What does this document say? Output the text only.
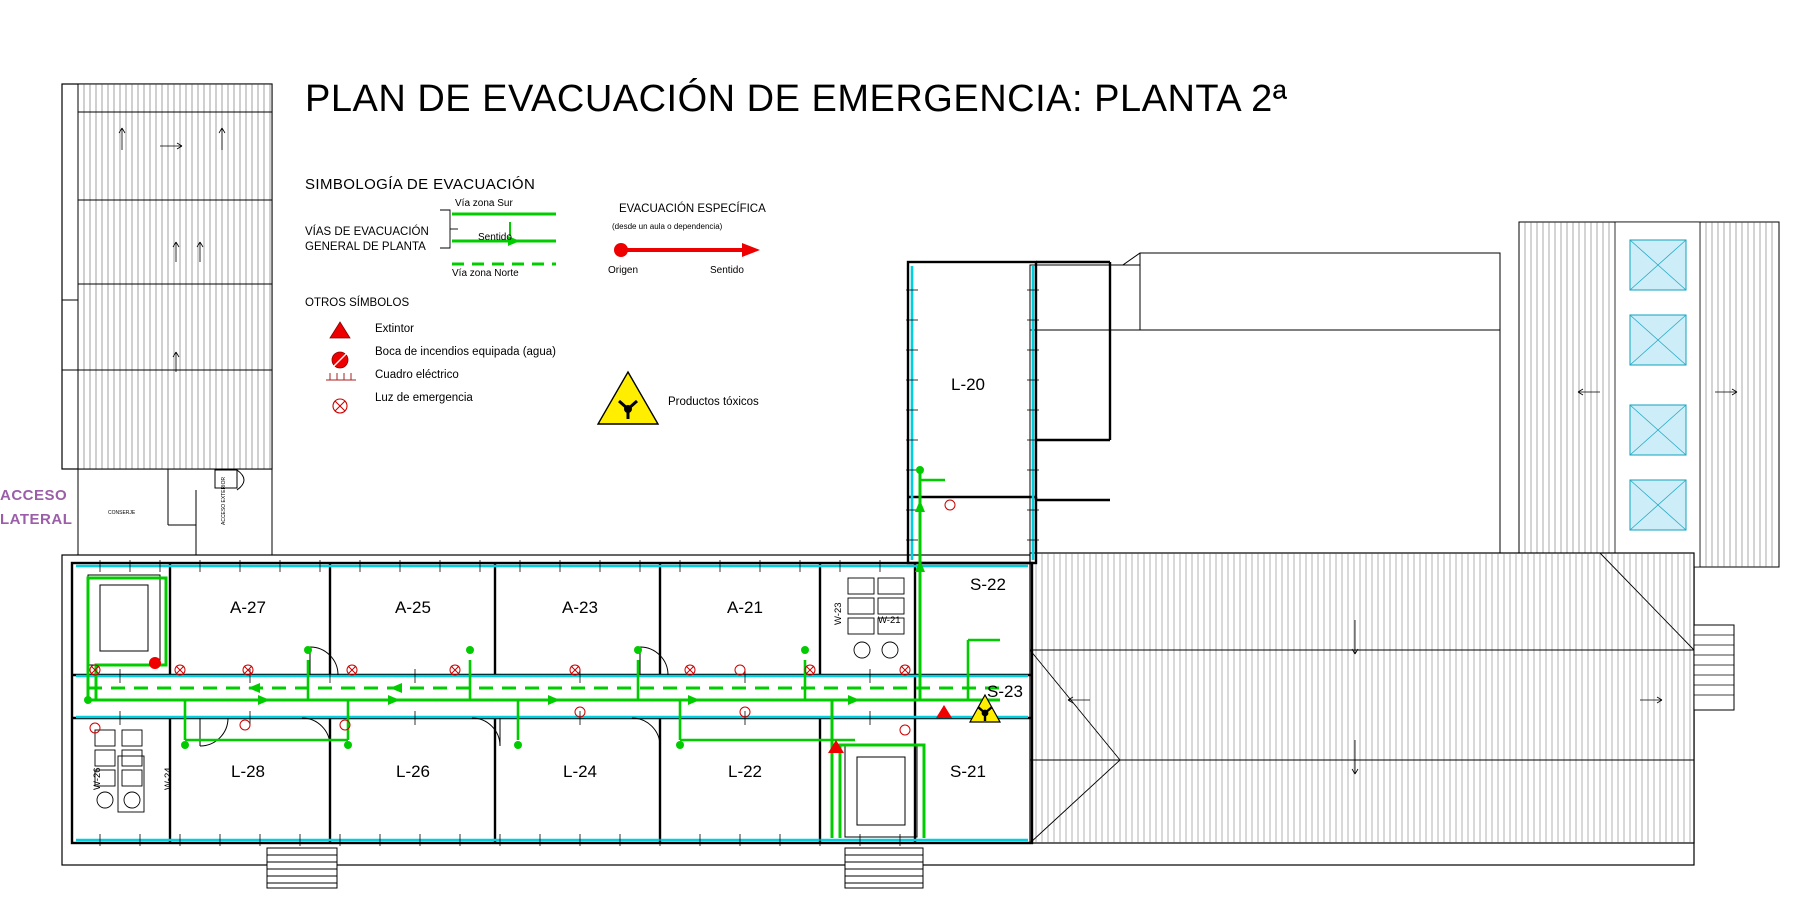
PLAN DE EVACUACIÓN DE EMERGENCIA: PLANTA 2ª
SIMBOLOGÍA DE EVACUACIÓN
VÍAS DE EVACUACIÓN
GENERAL DE PLANTA
Vía zona Sur
Sentido
Vía zona Norte
EVACUACIÓN ESPECÍFICA
(desde un aula o dependencia)
Origen	Sentido
OTROS SÍMBOLOS
Extintor
Boca de incendios equipada (agua)
Cuadro eléctrico
Luz de emergencia	Productos tóxicos
ACCESO
LATERAL	CONSERJE	ACCESO EXTERIOR
A-27	A-25	A-23	A-21
L-28	L-26	L-24	L-22
L-20
S-22
S-23
S-21
W-26	W-24
W-23	W-21
